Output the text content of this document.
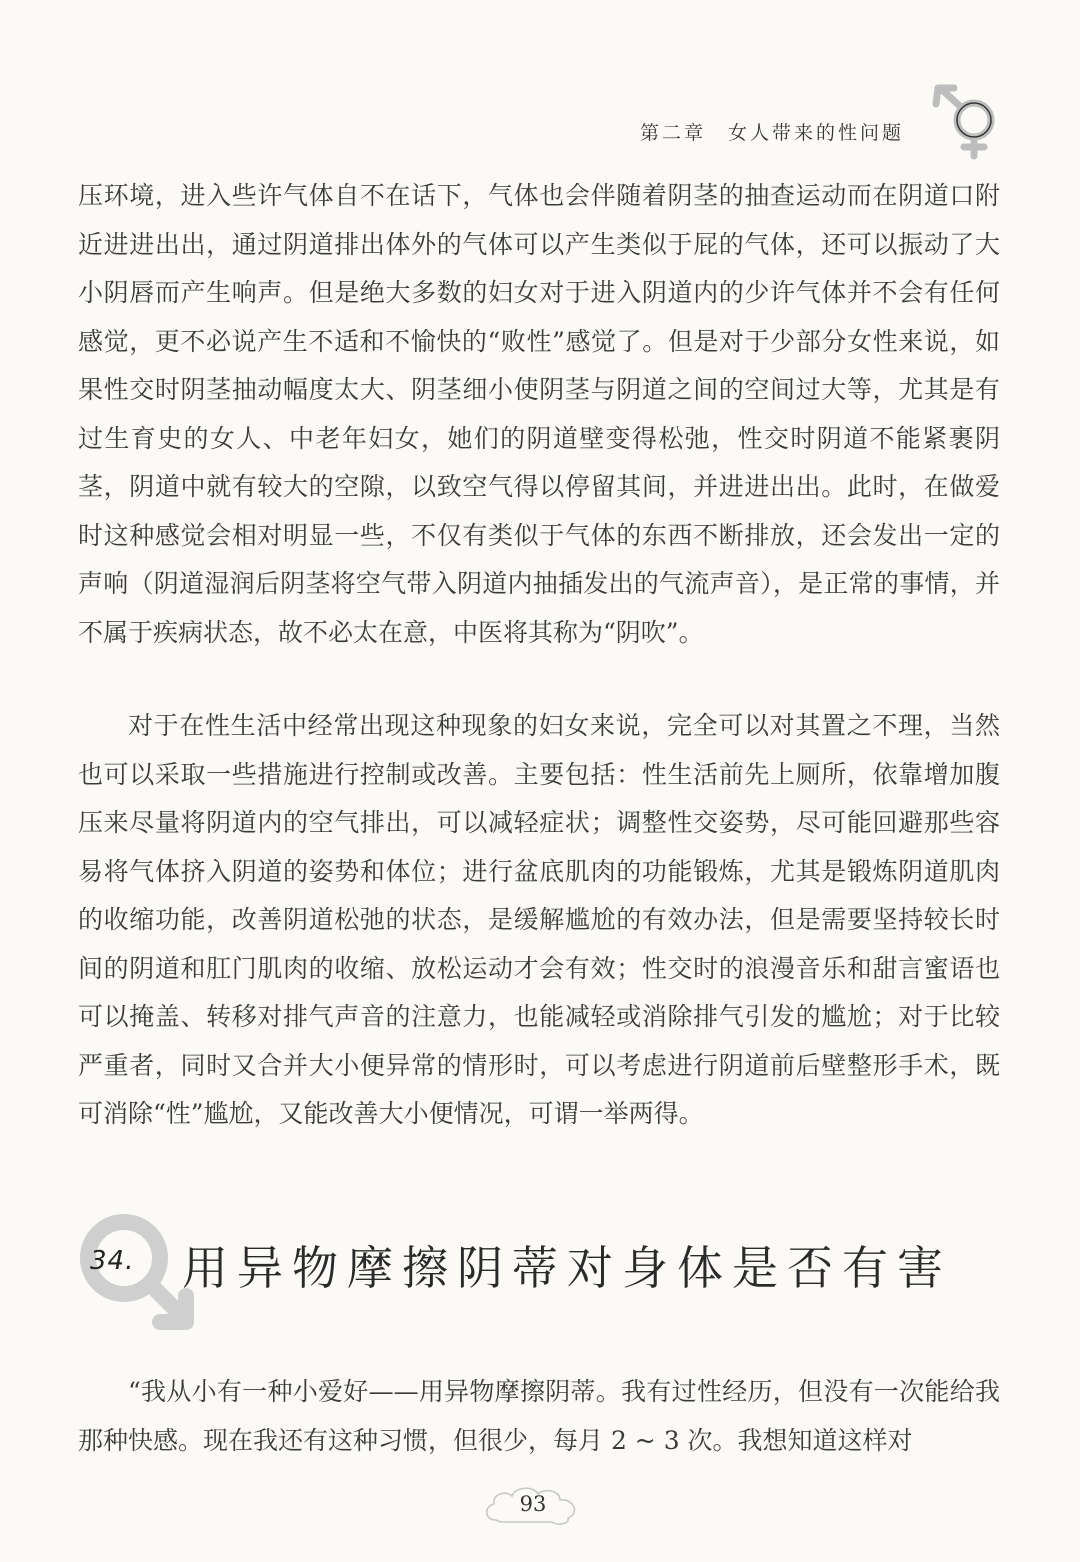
第二章 女人带来的性问题

压环境，进入些许气体自不在话下，气体也会伴随着阴茎的抽查运动而在阴道口附近进进出出，通过阴道排出体外的气体可以产生类似于屁的气体，还可以振动了大小阴唇而产生响声。但是绝大多数的妇女对于进入阴道内的少许气体并不会有任何感觉，更不必说产生不适和不愉快的“败性”感觉了。但是对于少部分女性来说，如果性交时阴茎抽动幅度太大、阴茎细小使阴茎与阴道之间的空间过大等，尤其是有过生育史的女人、中老年妇女，她们的阴道壁变得松弛，性交时阴道不能紧裹阴茎，阴道中就有较大的空隙，以致空气得以停留其间，并进进出出。此时，在做爱时这种感觉会相对明显一些，不仅有类似于气体的东西不断排放，还会发出一定的声响（阴道湿润后阴茎将空气带入阴道内抽插发出的气流声音），是正常的事情，并不属于疾病状态，故不必太在意，中医将其称为“阴吹”。

对于在性生活中经常出现这种现象的妇女来说，完全可以对其置之不理，当然也可以采取一些措施进行控制或改善。主要包括：性生活前先上厕所，依靠增加腹压来尽量将阴道内的空气排出，可以减轻症状；调整性交姿势，尽可能回避那些容易将气体挤入阴道的姿势和体位；进行盆底肌肉的功能锻炼，尤其是锻炼阴道肌肉的收缩功能，改善阴道松弛的状态，是缓解尴尬的有效办法，但是需要坚持较长时间的阴道和肛门肌肉的收缩、放松运动才会有效；性交时的浪漫音乐和甜言蜜语也可以掩盖、转移对排气声音的注意力，也能减轻或消除排气引发的尴尬；对于比较严重者，同时又合并大小便异常的情形时，可以考虑进行阴道前后壁整形手术，既可消除“性”尴尬，又能改善大小便情况，可谓一举两得。

34. 用异物摩擦阴蒂对身体是否有害

“我从小有一种小爱好——用异物摩擦阴蒂。我有过性经历，但没有一次能给我那种快感。现在我还有这种习惯，但很少，每月 2 ~ 3 次。我想知道这样对

93
